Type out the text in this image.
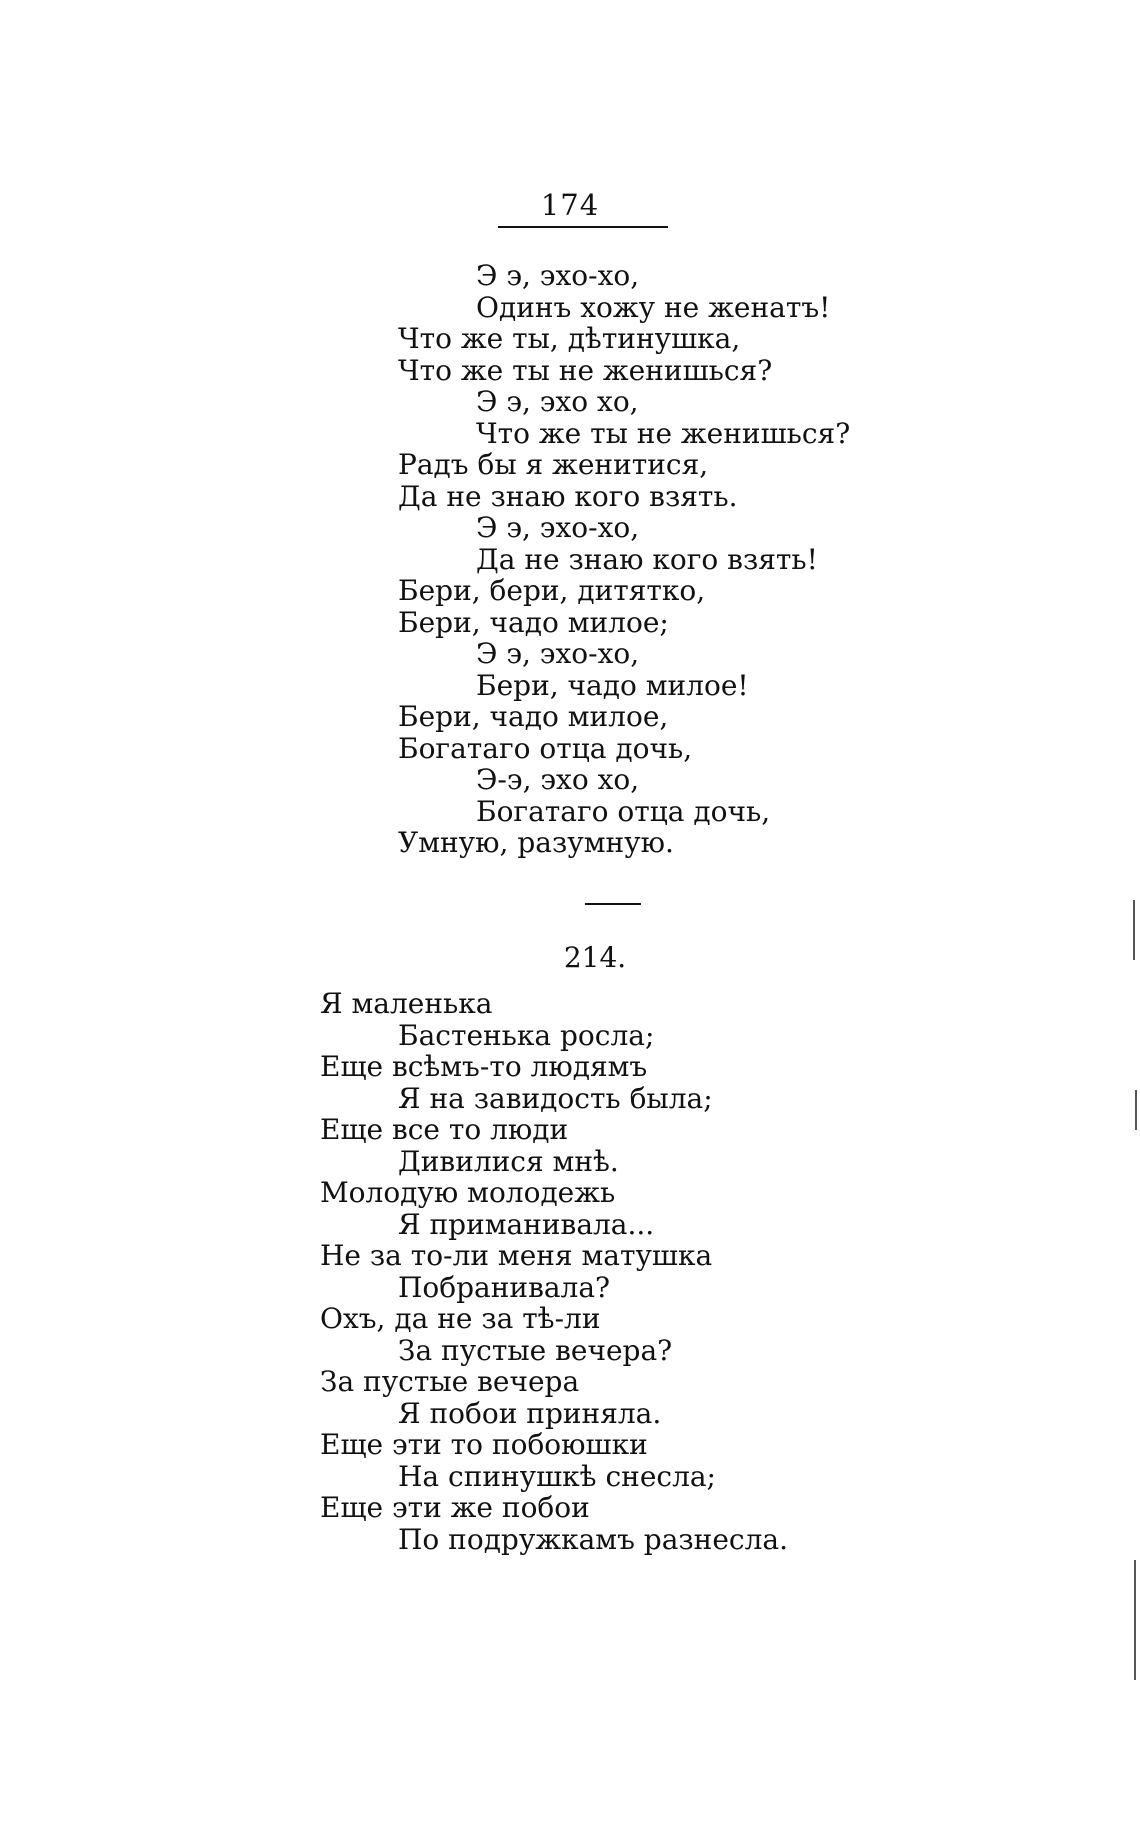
174
Э э, эхо-хо,
Одинъ хожу не женатъ!
Что же ты, дѣтинушка,
Что же ты не женишься?
Э э, эхо хо,
Что же ты не женишься?
Радъ бы я женитися,
Да не знаю кого взять.
Э э, эхо-хо,
Да не знаю кого взять!
Бери, бери, дитятко,
Бери, чадо милое;
Э э, эхо-хо,
Бери, чадо милое!
Бери, чадо милое,
Богатаго отца дочь,
Э-э, эхо хо,
Богатаго отца дочь,
Умную, разумную.
214.
Я маленька
Бастенька росла;
Еще всѣмъ-то людямъ
Я на завидость была;
Еще все то люди
Дивилися мнѣ.
Молодую молодежь
Я приманивала...
Не за то-ли меня матушка
Побранивала?
Охъ, да не за тѣ-ли
За пустые вечера?
За пустые вечера
Я побои приняла.
Еще эти то побоюшки
На спинушкѣ снесла;
Еще эти же побои
По подружкамъ разнесла.
